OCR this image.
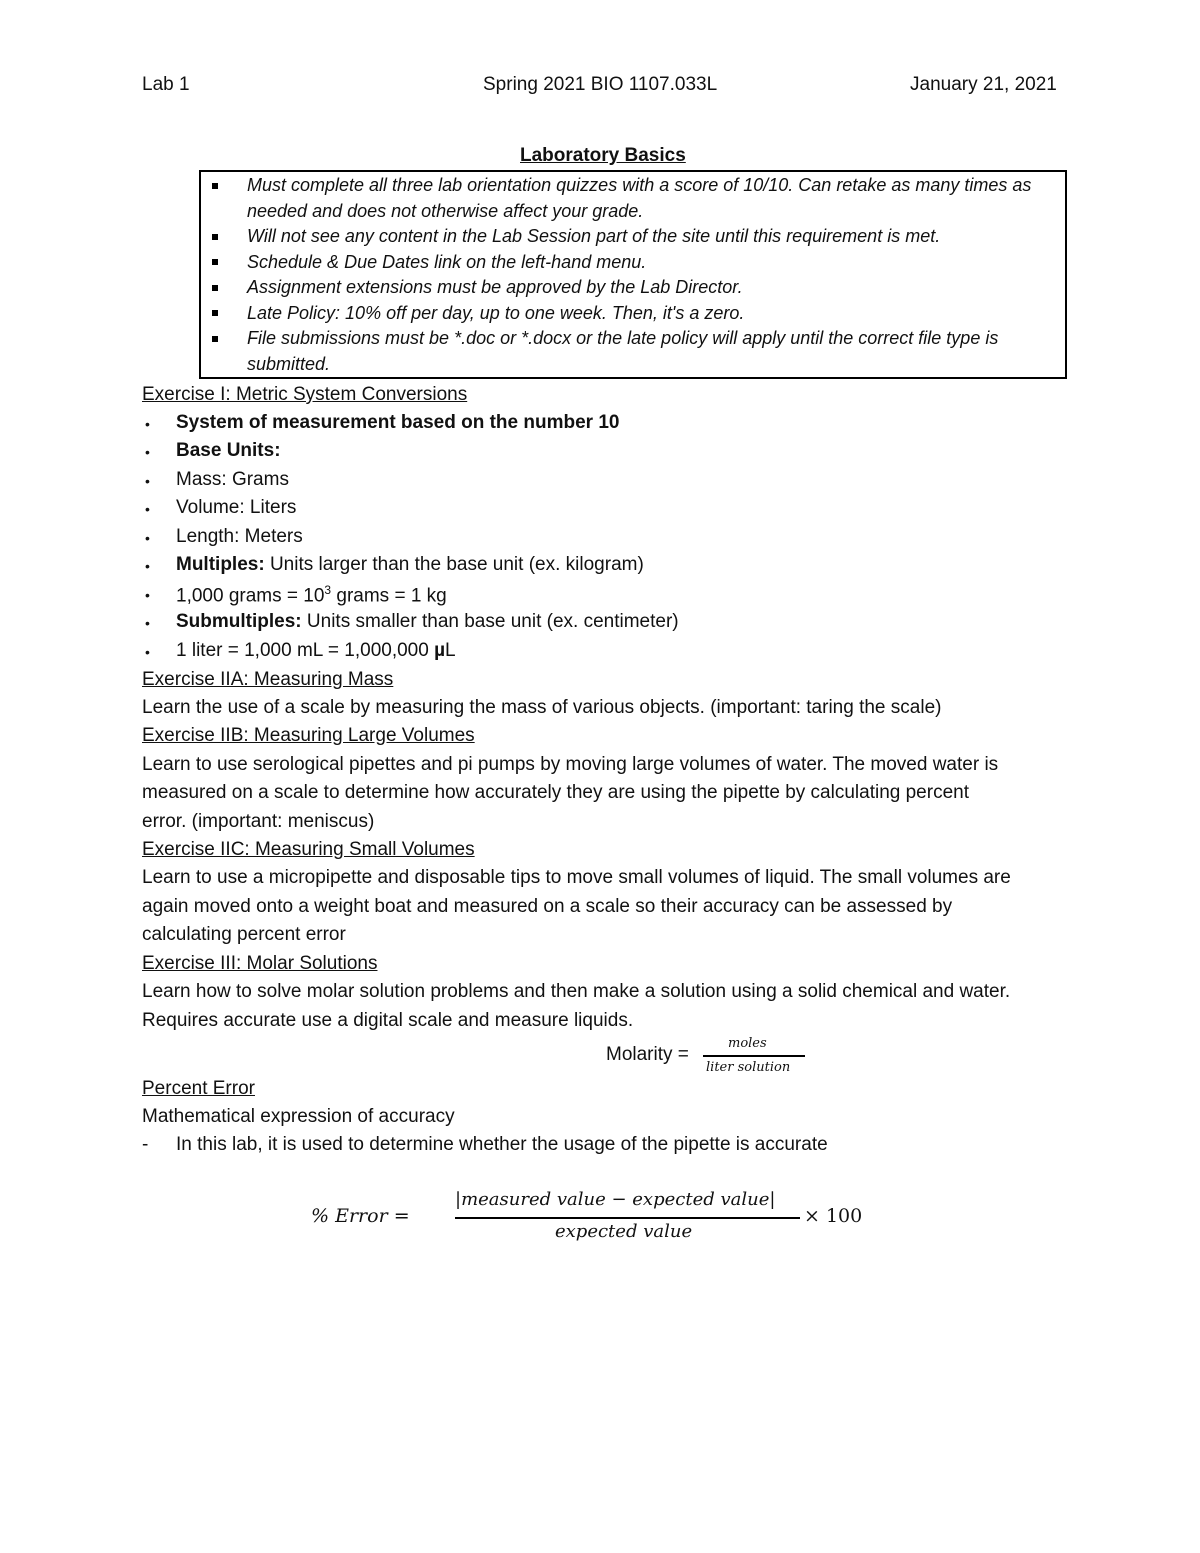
Lab 1	Spring 2021 BIO 1107.033L	January 21, 2021
Laboratory Basics
Must complete all three lab orientation quizzes with a score of 10/10. Can retake as many times as
needed and does not otherwise affect your grade.
Will not see any content in the Lab Session part of the site until this requirement is met.
Schedule & Due Dates link on the left-hand menu.
Assignment extensions must be approved by the Lab Director.
Late Policy: 10% off per day, up to one week. Then, it's a zero.
File submissions must be *.doc or *.docx or the late policy will apply until the correct file type is
submitted.
Exercise I: Metric System Conversions
• System of measurement based on the number 10
• Base Units:
• Mass: Grams
• Volume: Liters
• Length: Meters
• Multiples: Units larger than the base unit (ex. kilogram)
• 1,000 grams = $10^3$ grams = 1 kg
• Submultiples: Units smaller than base unit (ex. centimeter)
• 1 liter = 1,000 mL = 1,000,000 µL
Exercise IIA: Measuring Mass
Learn the use of a scale by measuring the mass of various objects. (important: taring the scale)
Exercise IIB: Measuring Large Volumes
Learn to use serological pipettes and pi pumps by moving large volumes of water. The moved water is
measured on a scale to determine how accurately they are using the pipette by calculating percent
error. (important: meniscus)
Exercise IIC: Measuring Small Volumes
Learn to use a micropipette and disposable tips to move small volumes of liquid. The small volumes are
again moved onto a weight boat and measured on a scale so their accuracy can be assessed by
calculating percent error
Exercise III: Molar Solutions
Learn how to solve molar solution problems and then make a solution using a solid chemical and water.
Requires accurate use a digital scale and measure liquids.
Molarity =
moles
liter solution
Percent Error
Mathematical expression of accuracy
- In this lab, it is used to determine whether the usage of the pipette is accurate
% Error =
|measured value − expected value|
expected value
× 100
